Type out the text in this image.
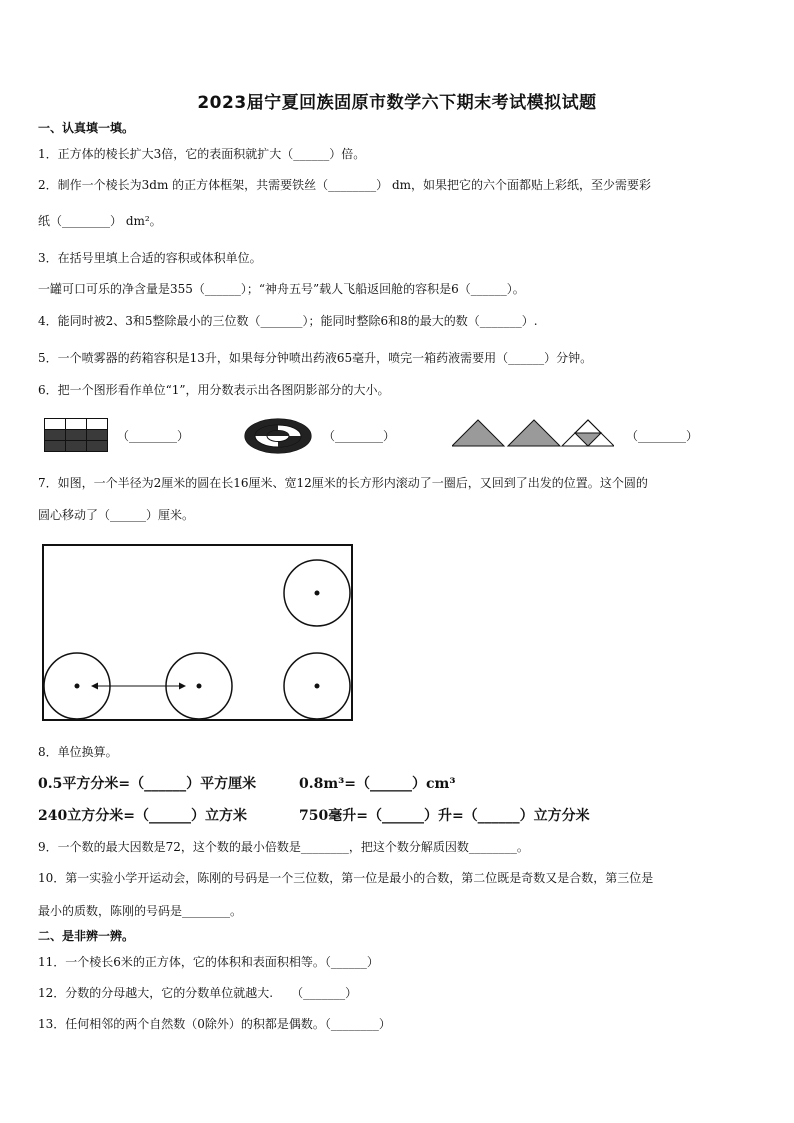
2023届宁夏回族固原市数学六下期末考试模拟试题
一、认真填一填。
1．正方体的棱长扩大3倍，它的表面积就扩大（______）倍。
2．制作一个棱长为3dm 的正方体框架，共需要铁丝（________） dm，如果把它的六个面都贴上彩纸，至少需要彩
纸（________） dm²。
3．在括号里填上合适的容积或体积单位。
一罐可口可乐的净含量是355（______）；“神舟五号”载人飞船返回舱的容积是6（______）。
4．能同时被2、3和5整除最小的三位数（_______）；能同时整除6和8的最大的数（_______）.
5．一个喷雾器的药箱容积是13升，如果每分钟喷出药液65毫升，喷完一箱药液需要用（______）分钟。
6．把一个图形看作单位“1”，用分数表示出各图阴影部分的大小。
（________）	（________）	（________）
7．如图，一个半径为2厘米的圆在长16厘米、宽12厘米的长方形内滚动了一圈后，又回到了出发的位置。这个圆的
圆心移动了（______）厘米。
8．单位换算。
0.5平方分米=（______）平方厘米	0.8m³=（______）cm³
240立方分米=（______）立方米	750毫升=（______）升=（______）立方分米
9．一个数的最大因数是72，这个数的最小倍数是________，把这个数分解质因数________。
10．第一实验小学开运动会，陈刚的号码是一个三位数，第一位是最小的合数，第二位既是奇数又是合数，第三位是
最小的质数，陈刚的号码是________。
二、是非辨一辨。
11．一个棱长6米的正方体，它的体积和表面积相等。（______）
12．分数的分母越大，它的分数单位就越大.　　（_______）
13．任何相邻的两个自然数（0除外）的积都是偶数。（________）
